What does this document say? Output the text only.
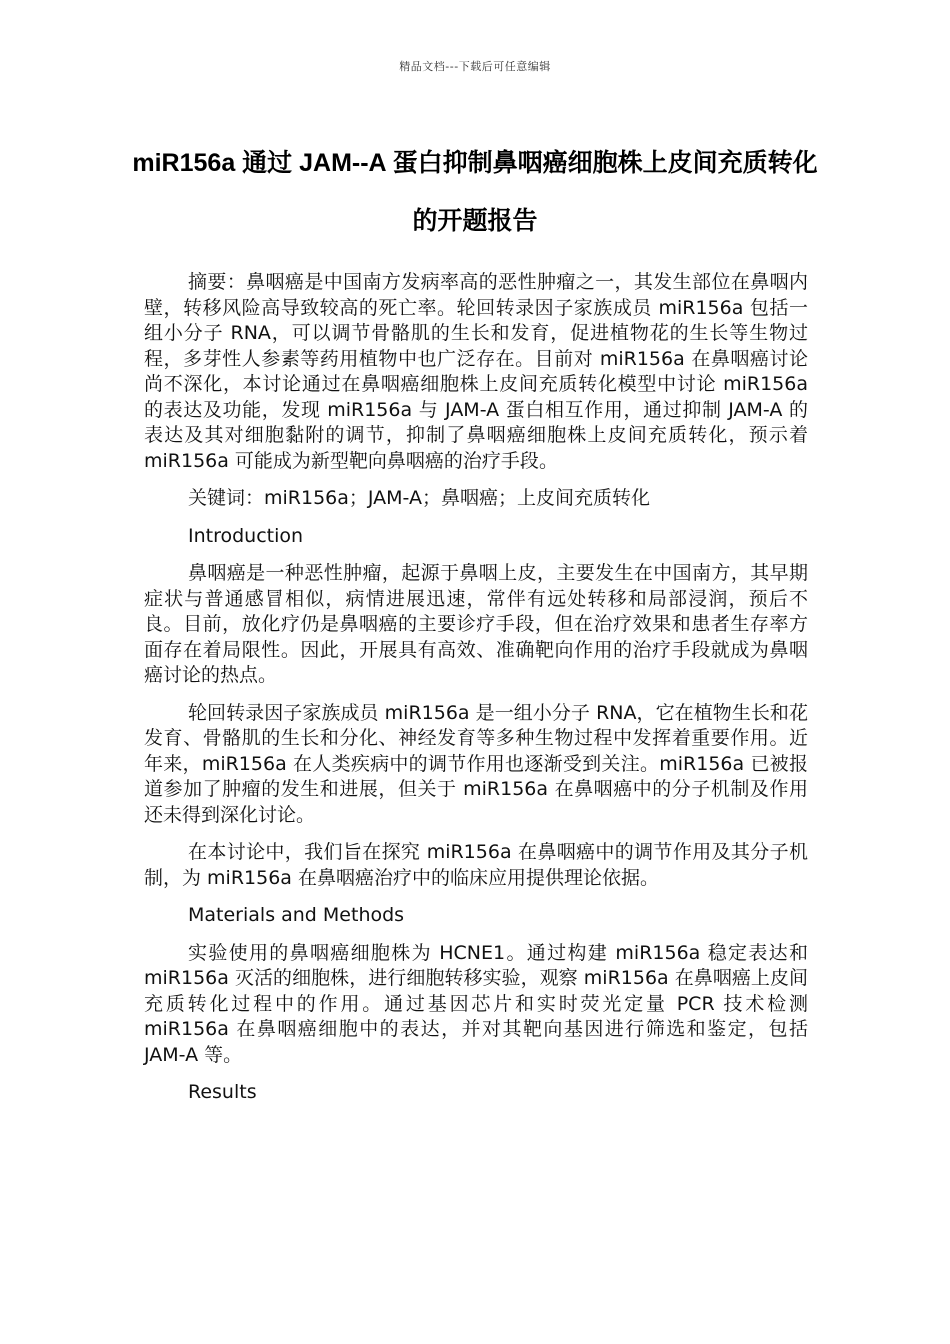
精品文档---下载后可任意编辑
miR156a 通过 JAM--A 蛋白抑制鼻咽癌细胞株上皮间充质转化的开题报告

摘要：鼻咽癌是中国南方发病率高的恶性肿瘤之一，其发生部位在鼻咽内壁，转移风险高导致较高的死亡率。轮回转录因子家族成员 miR156a 包括一组小分子 RNA，可以调节骨骼肌的生长和发育，促进植物花的生长等生物过程，多芽性人参素等药用植物中也广泛存在。目前对 miR156a 在鼻咽癌讨论尚不深化，本讨论通过在鼻咽癌细胞株上皮间充质转化模型中讨论 miR156a 的表达及功能，发现 miR156a 与 JAM-A 蛋白相互作用，通过抑制 JAM-A 的表达及其对细胞黏附的调节，抑制了鼻咽癌细胞株上皮间充质转化，预示着 miR156a 可能成为新型靶向鼻咽癌的治疗手段。

关键词：miR156a；JAM-A；鼻咽癌；上皮间充质转化

Introduction

鼻咽癌是一种恶性肿瘤，起源于鼻咽上皮，主要发生在中国南方，其早期症状与普通感冒相似，病情进展迅速，常伴有远处转移和局部浸润，预后不良。目前，放化疗仍是鼻咽癌的主要诊疗手段，但在治疗效果和患者生存率方面存在着局限性。因此，开展具有高效、准确靶向作用的治疗手段就成为鼻咽癌讨论的热点。

轮回转录因子家族成员 miR156a 是一组小分子 RNA，它在植物生长和花发育、骨骼肌的生长和分化、神经发育等多种生物过程中发挥着重要作用。近年来，miR156a 在人类疾病中的调节作用也逐渐受到关注。miR156a 已被报道参加了肿瘤的发生和进展，但关于 miR156a 在鼻咽癌中的分子机制及作用还未得到深化讨论。

在本讨论中，我们旨在探究 miR156a 在鼻咽癌中的调节作用及其分子机制，为 miR156a 在鼻咽癌治疗中的临床应用提供理论依据。

Materials and Methods

实验使用的鼻咽癌细胞株为 HCNE1。通过构建 miR156a 稳定表达和 miR156a 灭活的细胞株，进行细胞转移实验，观察 miR156a 在鼻咽癌上皮间充质转化过程中的作用。通过基因芯片和实时荧光定量 PCR 技术检测 miR156a 在鼻咽癌细胞中的表达，并对其靶向基因进行筛选和鉴定，包括 JAM-A 等。

Results
